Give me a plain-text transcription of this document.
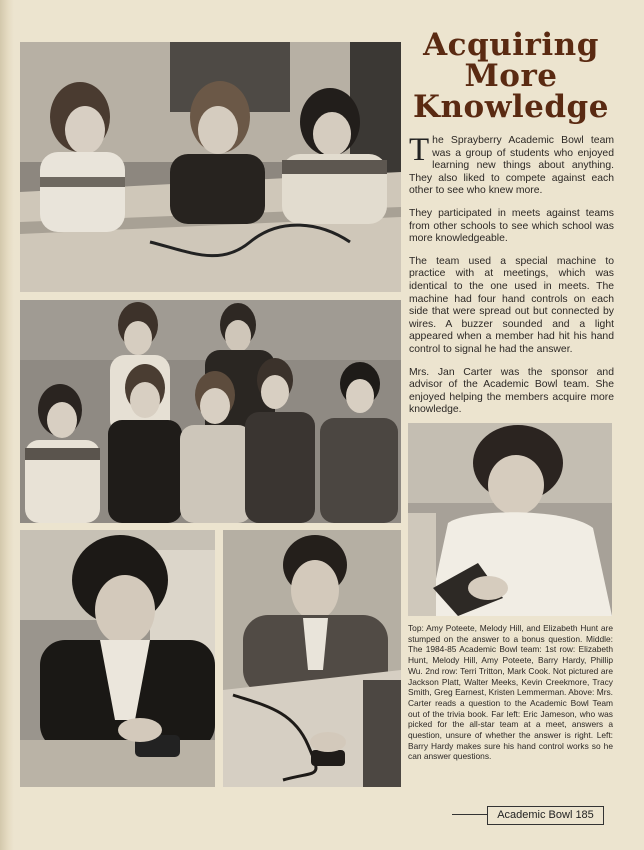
Acquiring
More
Knowledge

The Sprayberry Academic Bowl team was a group of students who enjoyed learning new things about anything. They also liked to compete against each other to see who knew more.

They participated in meets against teams from other schools to see which school was more knowledgeable.

The team used a special machine to practice with at meetings, which was identical to the one used in meets. The machine had four hand controls on each side that were spread out but connected by wires. A buzzer sounded and a light appeared when a member had hit his hand control to signal he had the answer.

Mrs. Jan Carter was the sponsor and advisor of the Academic Bowl team. She enjoyed helping the members acquire more knowledge.

Top: Amy Poteete, Melody Hill, and Elizabeth Hunt are stumped on the answer to a bonus question. Middle: The 1984-85 Academic Bowl team: 1st row: Elizabeth Hunt, Melody Hill, Amy Poteete, Barry Hardy, Phillip Wu. 2nd row: Terri Tritton, Mark Cook. Not pictured are Jackson Platt, Walter Meeks, Kevin Creekmore, Tracy Smith, Greg Earnest, Kristen Lemmerman. Above: Mrs. Carter reads a question to the Academic Bowl Team out of the trivia book. Far left: Eric Jameson, who was picked for the all-star team at a meet, answers a question, unsure of whether the answer is right. Left: Barry Hardy makes sure his hand control works so he can answer questions.
Academic Bowl 185
